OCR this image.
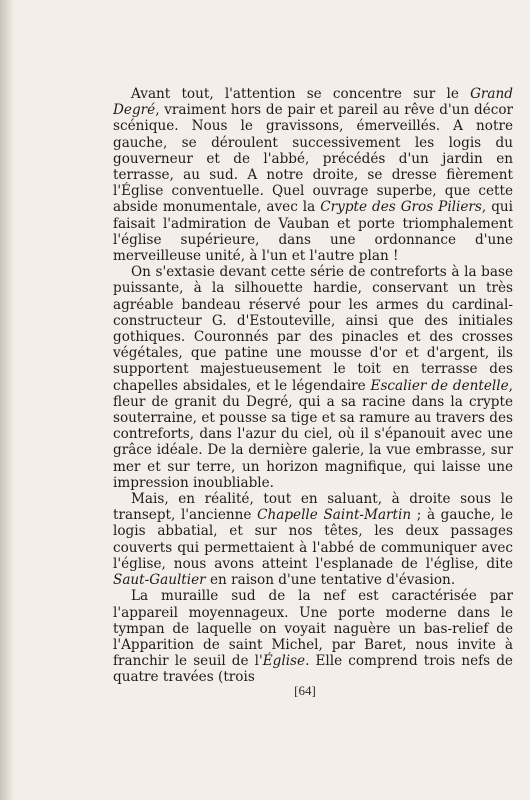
Avant tout, l'attention se concentre sur le Grand Degré, vraiment hors de pair et pareil au rêve d'un décor scénique. Nous le gravissons, émerveillés. A notre gauche, se déroulent successivement les logis du gouverneur et de l'abbé, précédés d'un jardin en terrasse, au sud. A notre droite, se dresse fièrement l'Église conventuelle. Quel ouvrage superbe, que cette abside monumentale, avec la Crypte des Gros Piliers, qui faisait l'admiration de Vauban et porte triomphalement l'église supérieure, dans une ordonnance d'une merveilleuse unité, à l'un et l'autre plan !

On s'extasie devant cette série de contreforts à la base puissante, à la silhouette hardie, conservant un très agréable bandeau réservé pour les armes du cardinal-constructeur G. d'Estouteville, ainsi que des initiales gothiques. Couronnés par des pinacles et des crosses végétales, que patine une mousse d'or et d'argent, ils supportent majestueusement le toit en terrasse des chapelles absidales, et le légendaire Escalier de dentelle, fleur de granit du Degré, qui a sa racine dans la crypte souterraine, et pousse sa tige et sa ramure au travers des contreforts, dans l'azur du ciel, où il s'épanouit avec une grâce idéale. De la dernière galerie, la vue embrasse, sur mer et sur terre, un horizon magnifique, qui laisse une impression inoubliable.

Mais, en réalité, tout en saluant, à droite sous le transept, l'ancienne Chapelle Saint-Martin ; à gauche, le logis abbatial, et sur nos têtes, les deux passages couverts qui permettaient à l'abbé de communiquer avec l'église, nous avons atteint l'esplanade de l'église, dite Saut-Gaultier en raison d'une tentative d'évasion.

La muraille sud de la nef est caractérisée par l'appareil moyennageux. Une porte moderne dans le tympan de laquelle on voyait naguère un bas-relief de l'Apparition de saint Michel, par Baret, nous invite à franchir le seuil de l'Église. Elle comprend trois nefs de quatre travées (trois

[64]
